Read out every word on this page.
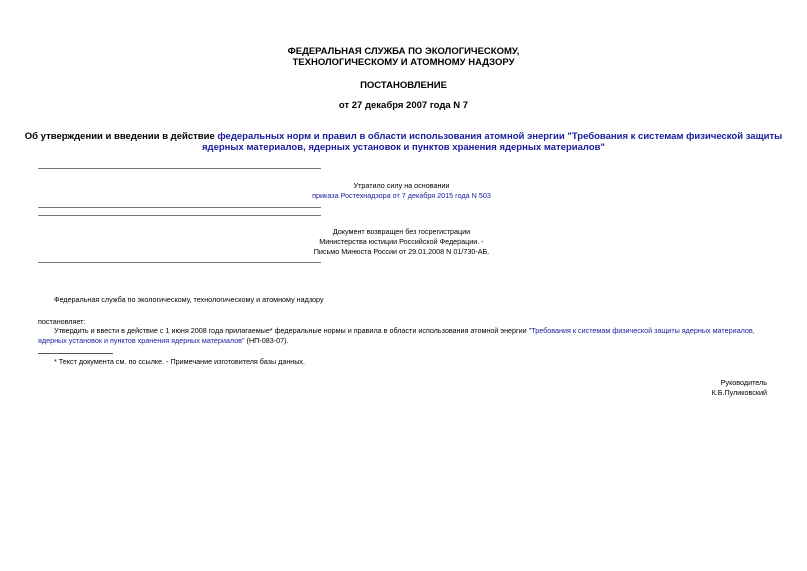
ФЕДЕРАЛЬНАЯ СЛУЖБА ПО ЭКОЛОГИЧЕСКОМУ,
ТЕХНОЛОГИЧЕСКОМУ И АТОМНОМУ НАДЗОРУ
ПОСТАНОВЛЕНИЕ
от 27 декабря 2007 года N 7
Об утверждении и введении в действие федеральных норм и правил в области использования атомной энергии "Требования к системам физической защиты
ядерных материалов, ядерных установок и пунктов хранения ядерных материалов"
Утратило силу на основании
приказа Ростехнадзора от 7 декабря 2015 года N 503
Документ возвращен без госрегистрации
Министерства юстиции Российской Федерации. -
Письмо Минюста России от 29.01.2008 N 01/730-АБ.
Федеральная служба по экологическому, технологическому и атомному надзору
постановляет:
Утвердить и ввести в действие с 1 июня 2008 года прилагаемые* федеральные нормы и правила в области использования атомной энергии "Требования к системам физической защиты ядерных материалов,
ядерных установок и пунктов хранения ядерных материалов" (НП-083-07).
* Текст документа см. по ссылке. - Примечание изготовителя базы данных.
Руководитель
К.Б.Пуликовский
